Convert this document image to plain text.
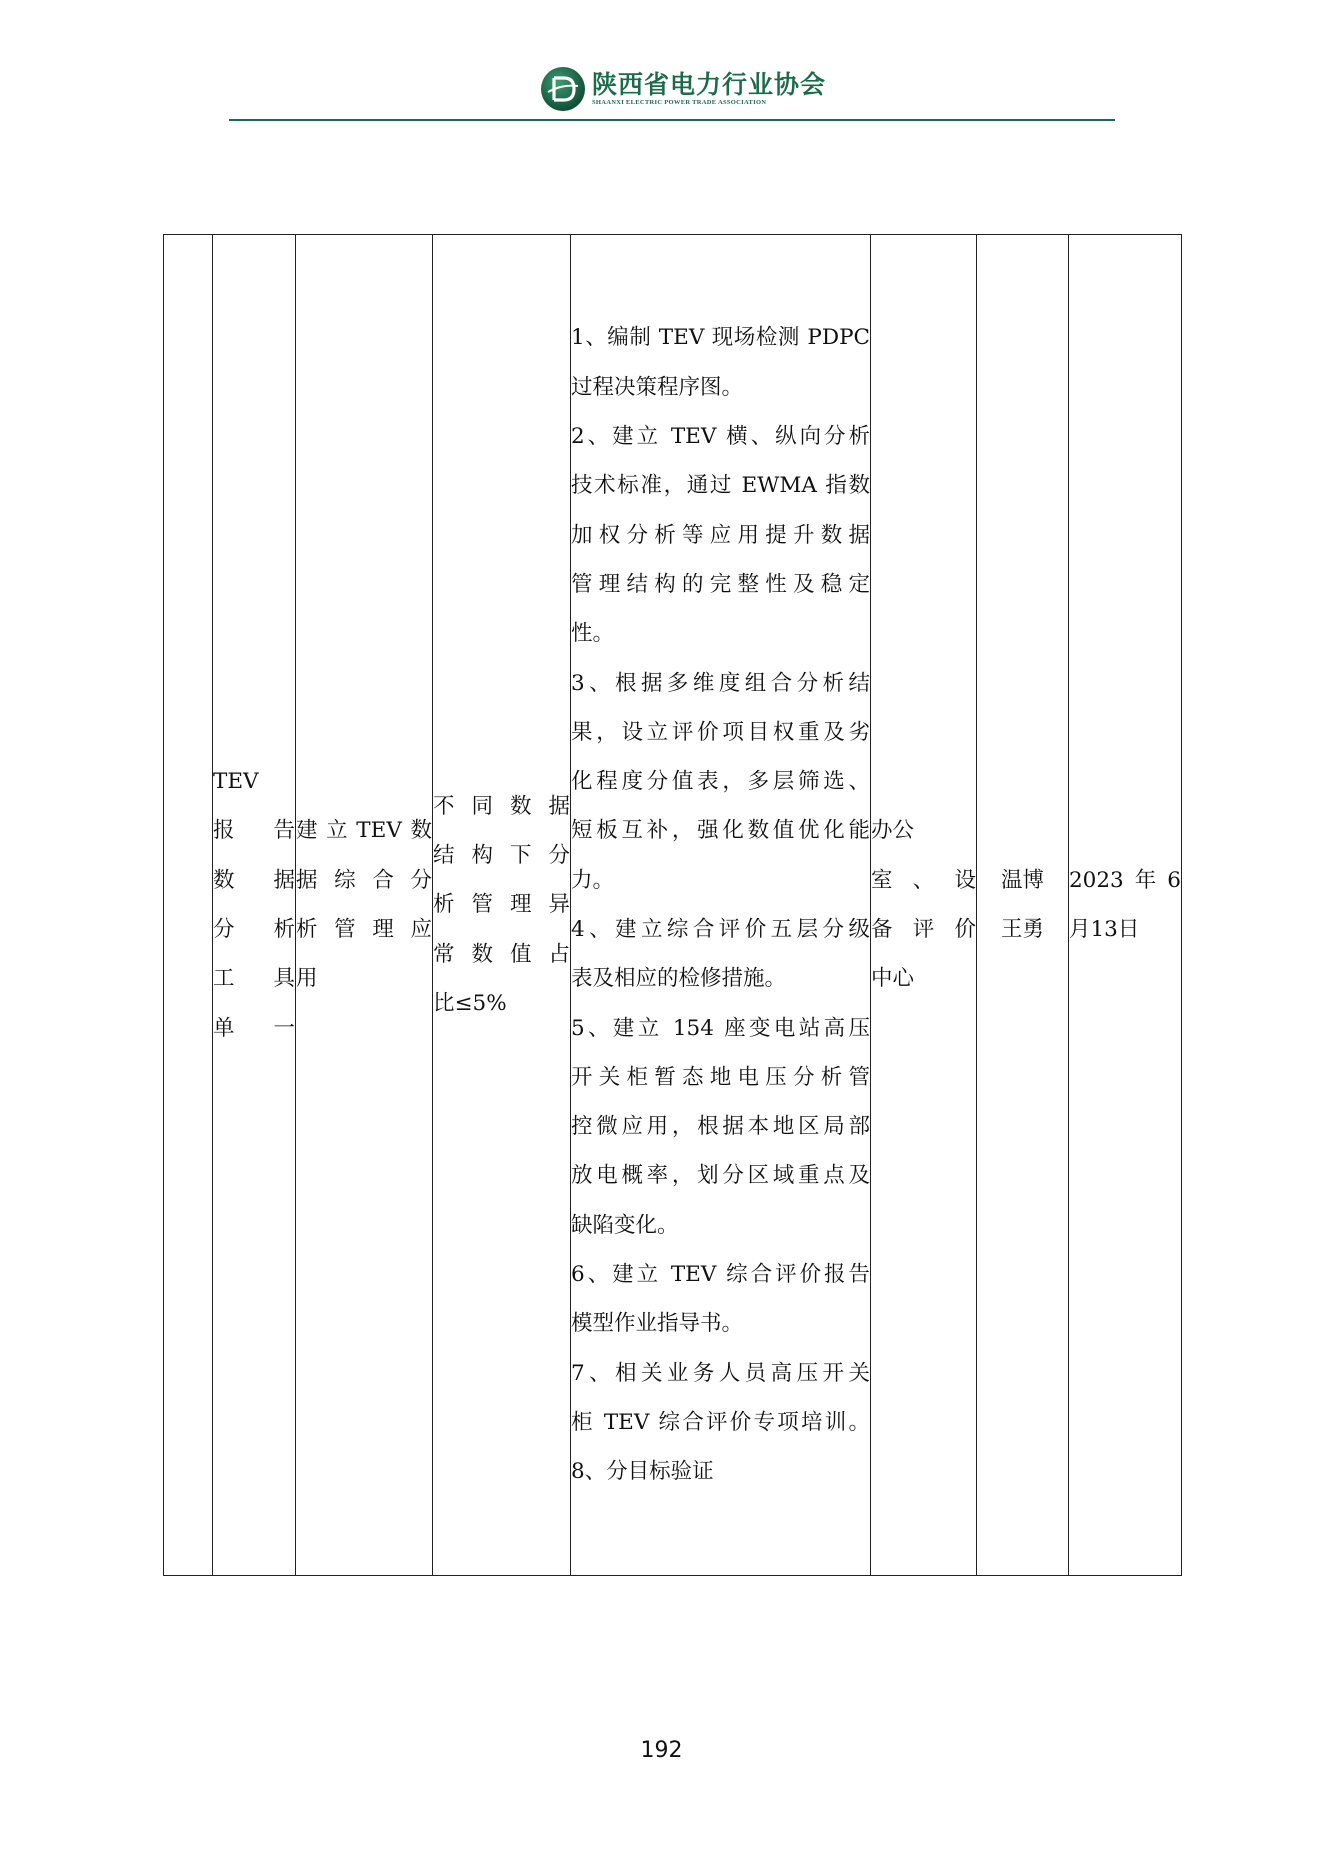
陕西省电力行业协会
SHAANXI ELECTRIC POWER TRADE ASSOCIATION

TEV
报告
数据
分析
工具
单一

建立TEV数
据综合分
析管理应
用

不同数据
结构下分
析管理异
常数值占
比≤5%

1、编制 TEV 现场检测 PDPC
过程决策程序图。
2、建立 TEV 横、纵向分析
技术标准，通过 EWMA 指数
加权分析等应用提升数据
管理结构的完整性及稳定
性。
3、根据多维度组合分析结
果，设立评价项目权重及劣
化程度分值表，多层筛选、
短板互补，强化数值优化能
力。
4、建立综合评价五层分级
表及相应的检修措施。
5、建立 154 座变电站高压
开关柜暂态地电压分析管
控微应用，根据本地区局部
放电概率，划分区域重点及
缺陷变化。
6、建立 TEV 综合评价报告
模型作业指导书。
7、相关业务人员高压开关
柜 TEV 综合评价专项培训。
8、分目标验证

办公
室、设
备评价
中心

温博
王勇

2023年6
月13日
192
